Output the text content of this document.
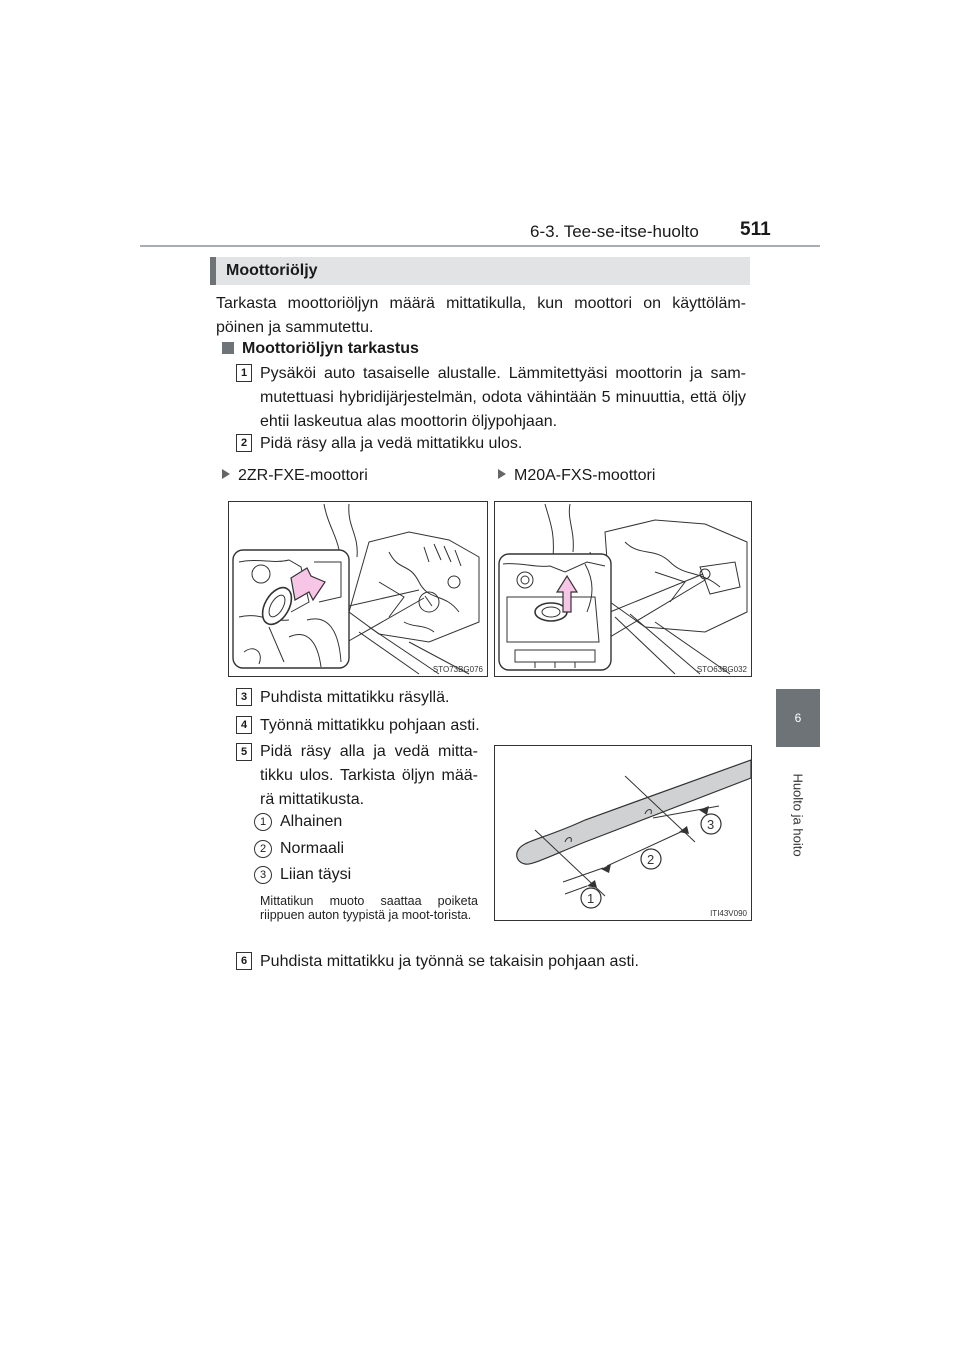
6-3. Tee-se-itse-huolto 511
6
Huolto ja hoito
Moottoriöljy
Tarkasta moottoriöljyn määrä mittatikulla, kun moottori on käyttöläm-pöinen ja sammutettu.
Moottoriöljyn tarkastus
1 Pysäköi auto tasaiselle alustalle. Lämmitettyäsi moottorin ja sam-mutettuasi hybridijärjestelmän, odota vähintään 5 minuuttia, että öljy ehtii laskeutua alas moottorin öljypohjaan.
2 Pidä räsy alla ja vedä mittatikku ulos.
2ZR-FXE-moottori	M20A-FXS-moottori
STO73BG076	STO63BG032
3 Puhdista mittatikku räsyllä.
4 Työnnä mittatikku pohjaan asti.
5 Pidä räsy alla ja vedä mitta-tikku ulos. Tarkista öljyn mää-rä mittatikusta.
1 Alhainen
2 Normaali
3 Liian täysi
Mittatikun muoto saattaa poiketa riippuen auton tyypistä ja moot-torista.
1
2
3
ITI43V090
6 Puhdista mittatikku ja työnnä se takaisin pohjaan asti.
